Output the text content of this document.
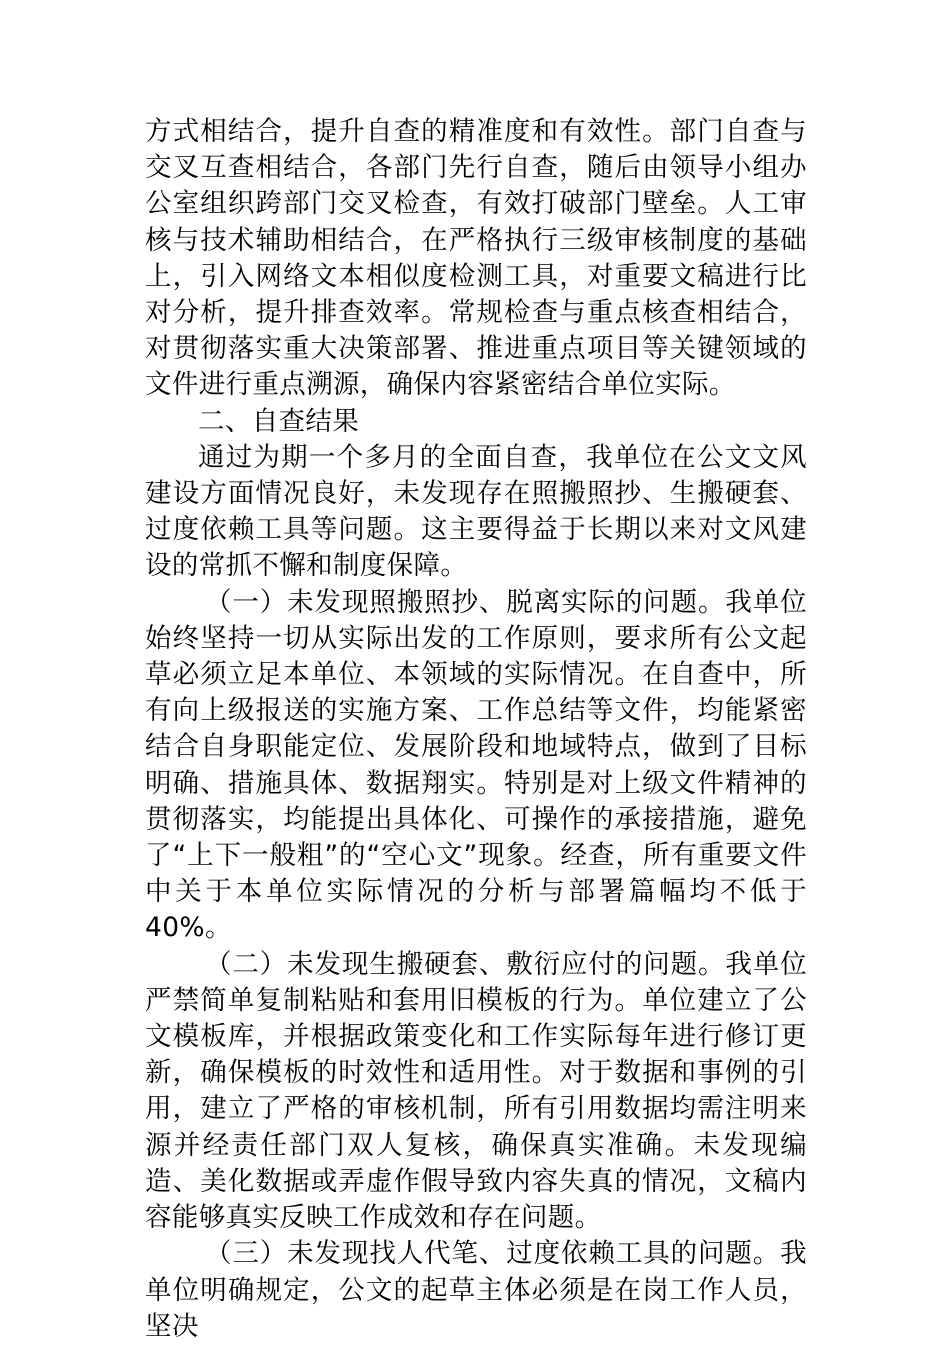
方式相结合，提升自查的精准度和有效性。部门自查与交叉互查相结合，各部门先行自查，随后由领导小组办公室组织跨部门交叉检查，有效打破部门壁垒。人工审核与技术辅助相结合，在严格执行三级审核制度的基础上，引入网络文本相似度检测工具，对重要文稿进行比对分析，提升排查效率。常规检查与重点核查相结合，对贯彻落实重大决策部署、推进重点项目等关键领域的文件进行重点溯源，确保内容紧密结合单位实际。

二、自查结果

通过为期一个多月的全面自查，我单位在公文文风建设方面情况良好，未发现存在照搬照抄、生搬硬套、过度依赖工具等问题。这主要得益于长期以来对文风建设的常抓不懈和制度保障。

（一）未发现照搬照抄、脱离实际的问题。我单位始终坚持一切从实际出发的工作原则，要求所有公文起草必须立足本单位、本领域的实际情况。在自查中，所有向上级报送的实施方案、工作总结等文件，均能紧密结合自身职能定位、发展阶段和地域特点，做到了目标明确、措施具体、数据翔实。特别是对上级文件精神的贯彻落实，均能提出具体化、可操作的承接措施，避免了“上下一般粗”的“空心文”现象。经查，所有重要文件中关于本单位实际情况的分析与部署篇幅均不低于40%。

（二）未发现生搬硬套、敷衍应付的问题。我单位严禁简单复制粘贴和套用旧模板的行为。单位建立了公文模板库，并根据政策变化和工作实际每年进行修订更新，确保模板的时效性和适用性。对于数据和事例的引用，建立了严格的审核机制，所有引用数据均需注明来源并经责任部门双人复核，确保真实准确。未发现编造、美化数据或弄虚作假导致内容失真的情况，文稿内容能够真实反映工作成效和存在问题。

（三）未发现找人代笔、过度依赖工具的问题。我单位明确规定，公文的起草主体必须是在岗工作人员，坚决
